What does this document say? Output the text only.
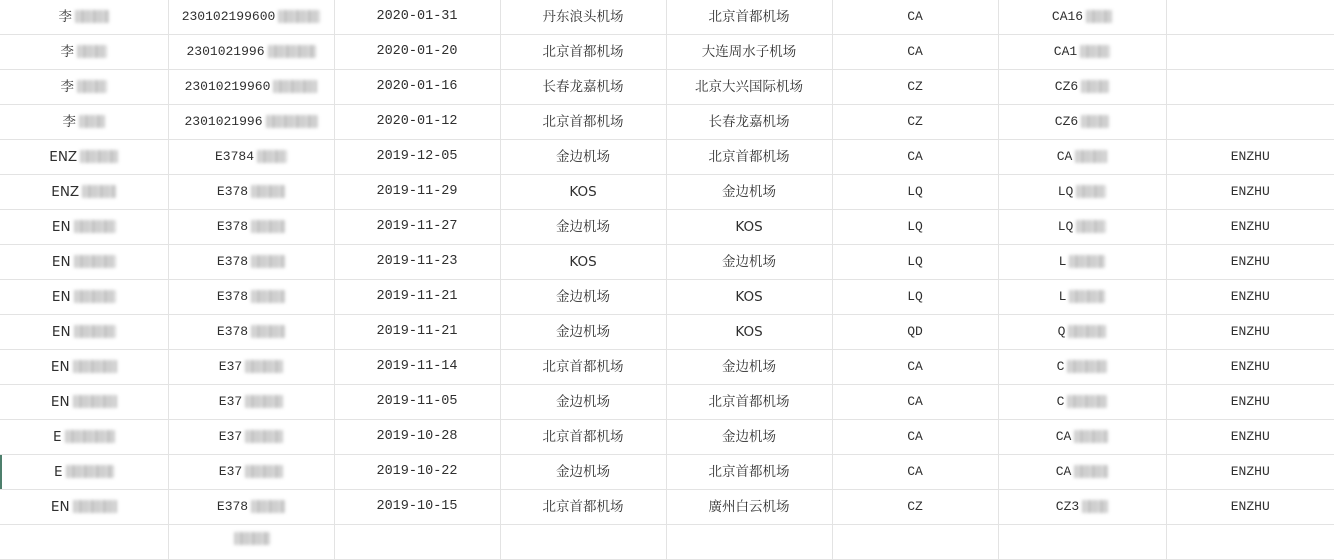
李	230102199600	2020-01-31	丹东浪头机场	北京首都机场	CA	CA16	

李	2301021996	2020-01-20	北京首都机场	大连周水子机场	CA	CA1	

李	23010219960	2020-01-16	长春龙嘉机场	北京大兴国际机场	CZ	CZ6	

李	2301021996	2020-01-12	北京首都机场	长春龙嘉机场	CZ	CZ6	

ENZ	E3784	2019-12-05	金边机场	北京首都机场	CA	CA	ENZHU

ENZ	E378	2019-11-29	KOS	金边机场	LQ	LQ	ENZHU

EN	E378	2019-11-27	金边机场	KOS	LQ	LQ	ENZHU

EN	E378	2019-11-23	KOS	金边机场	LQ	L	ENZHU

EN	E378	2019-11-21	金边机场	KOS	LQ	L	ENZHU

EN	E378	2019-11-21	金边机场	KOS	QD	Q	ENZHU

EN	E37	2019-11-14	北京首都机场	金边机场	CA	C	ENZHU

EN	E37	2019-11-05	金边机场	北京首都机场	CA	C	ENZHU

E	E37	2019-10-28	北京首都机场	金边机场	CA	CA	ENZHU

E	E37	2019-10-22	金边机场	北京首都机场	CA	CA	ENZHU

EN	E378	2019-10-15	北京首都机场	廣州白云机场	CZ	CZ3	ENZHU
